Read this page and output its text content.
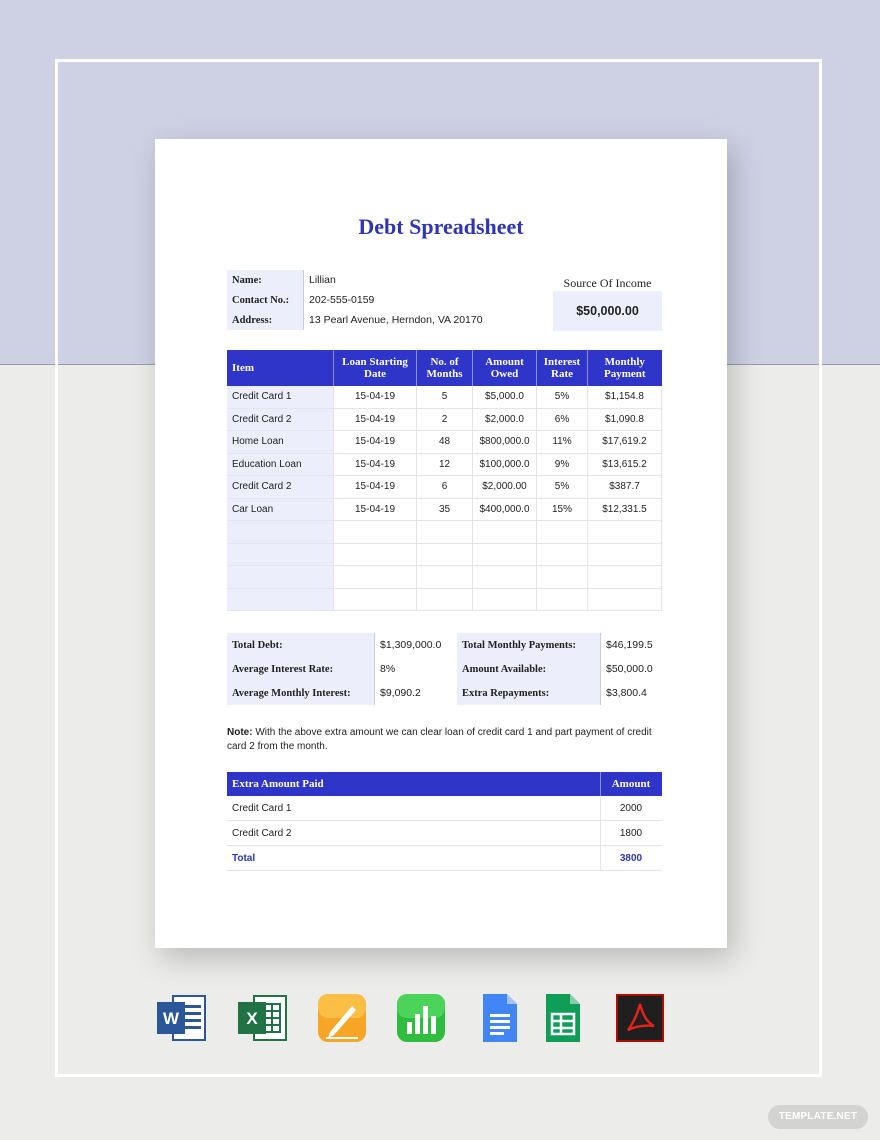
Debt Spreadsheet
Name:	Lillian
Contact No.:	202-555-0159
Address:	13 Pearl Avenue, Herndon, VA 20170
Source Of Income
$50,000.00
Item	Loan Starting Date	No. of Months	Amount Owed	Interest Rate	Monthly Payment
Credit Card 1	15-04-19	5	$5,000.0	5%	$1,154.8
Credit Card 2	15-04-19	2	$2,000.0	6%	$1,090.8
Home Loan	15-04-19	48	$800,000.0	11%	$17,619.2
Education Loan	15-04-19	12	$100,000.0	9%	$13,615.2
Credit Card 2	15-04-19	6	$2,000.00	5%	$387.7
Car Loan	15-04-19	35	$400,000.0	15%	$12,331.5

Total Debt:	$1,309,000.0
Average Interest Rate:	8%
Average Monthly Interest:	$9,090.2
Total Monthly Payments:	$46,199.5
Amount Available:	$50,000.0
Extra Repayments:	$3,800.4
Note: With the above extra amount we can clear loan of credit card 1 and part payment of credit card 2 from the month.
Extra Amount Paid	Amount
Credit Card 1	2000
Credit Card 2	1800
Total	3800
W	X
TEMPLATE.NET
